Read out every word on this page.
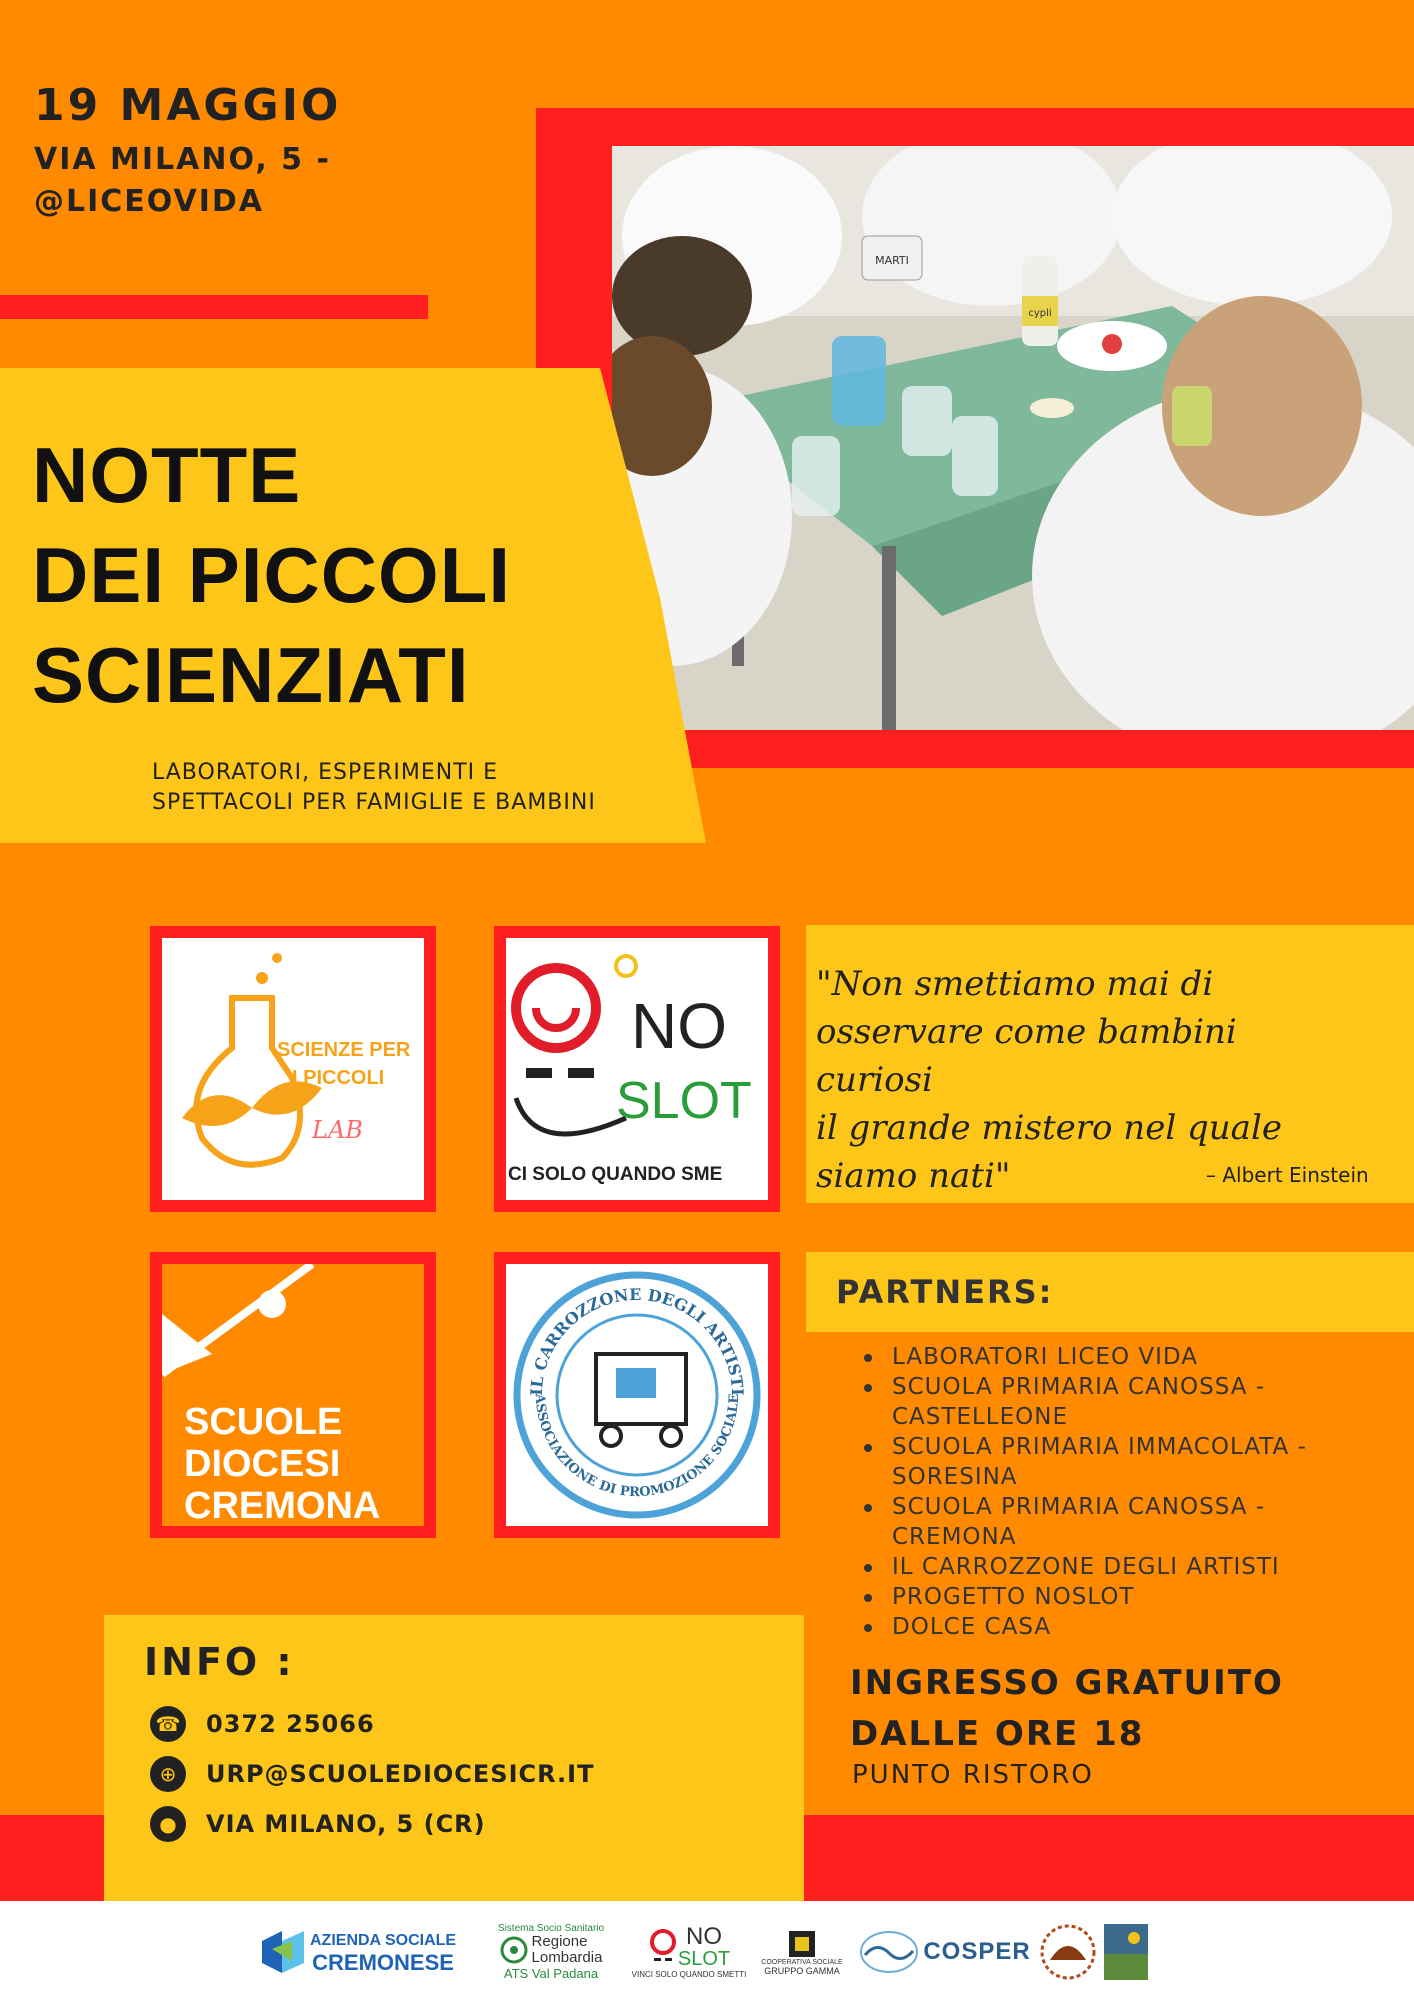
19 MAGGIO
VIA MILANO, 5 -
@LICEOVIDA
cypli
MARTI
NOTTE
DEI PICCOLI
SCIENZIATI
LABORATORI, ESPERIMENTI E
SPETTACOLI PER FAMIGLIE E BAMBINI
SCIENZE PER
I PICCOLI
LAB
NO
SLOT
CI SOLO QUANDO SME
"Non smettiamo mai di
osservare come bambini curiosi
il grande mistero nel quale
siamo nati"	– Albert Einstein
SCUOLE
DIOCESI
CREMONA
IL CARROZZONE DEGLI ARTISTI
ASSOCIAZIONE DI PROMOZIONE SOCIALE
PARTNERS:
LABORATORI LICEO VIDA
SCUOLA PRIMARIA CANOSSA - CASTELLEONE
SCUOLA PRIMARIA IMMACOLATA - SORESINA
SCUOLA PRIMARIA CANOSSA - CREMONA
IL CARROZZONE DEGLI ARTISTI
PROGETTO NOSLOT
DOLCE CASA
INGRESSO GRATUITO
DALLE ORE 18
PUNTO RISTORO
INFO :
☎ 0372 25066
⊕	URP@SCUOLEDIOCESICR.IT
●	VIA MILANO, 5 (CR)
AZIENDA SOCIALE
CREMONESE
Sistema Socio Sanitario
Regione
Lombardia
ATS Val Padana
NO
SLOT
VINCI SOLO QUANDO SMETTI
COOPERATIVA SOCIALE
GRUPPO GAMMA
COSPER
